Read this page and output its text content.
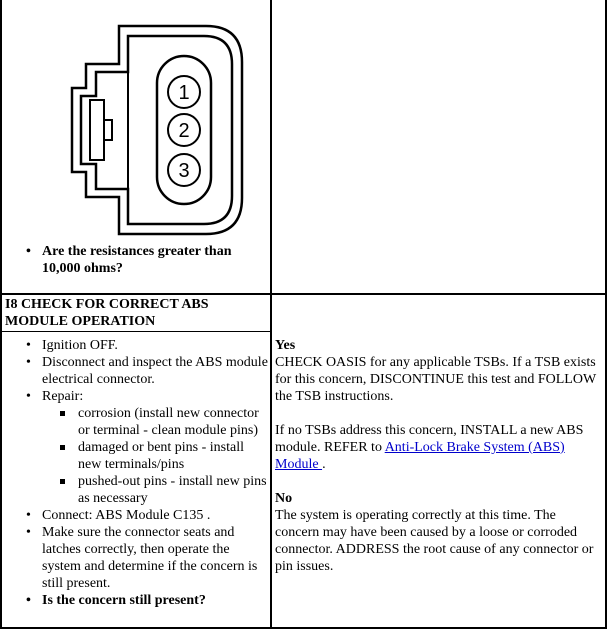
1
2
3
• Are the resistances greater than 10,000 ohms?
I8 CHECK FOR CORRECT ABS MODULE OPERATION
• Ignition OFF.
• Disconnect and inspect the ABS module electrical connector.
• Repair:
corrosion (install new connector or terminal - clean module pins)
damaged or bent pins - install new terminals/pins
pushed-out pins - install new pins as necessary
• Connect: ABS Module C135 .
• Make sure the connector seats and latches correctly, then operate the system and determine if the concern is still present.
• Is the concern still present?

Yes

CHECK OASIS for any applicable TSBs. If a TSB exists for this concern, DISCONTINUE this test and FOLLOW the TSB instructions.

If no TSBs address this concern, INSTALL a new ABS module. REFER to Anti-Lock Brake System (ABS) Module .

No

The system is operating correctly at this time. The concern may have been caused by a loose or corroded connector. ADDRESS the root cause of any connector or pin issues.
